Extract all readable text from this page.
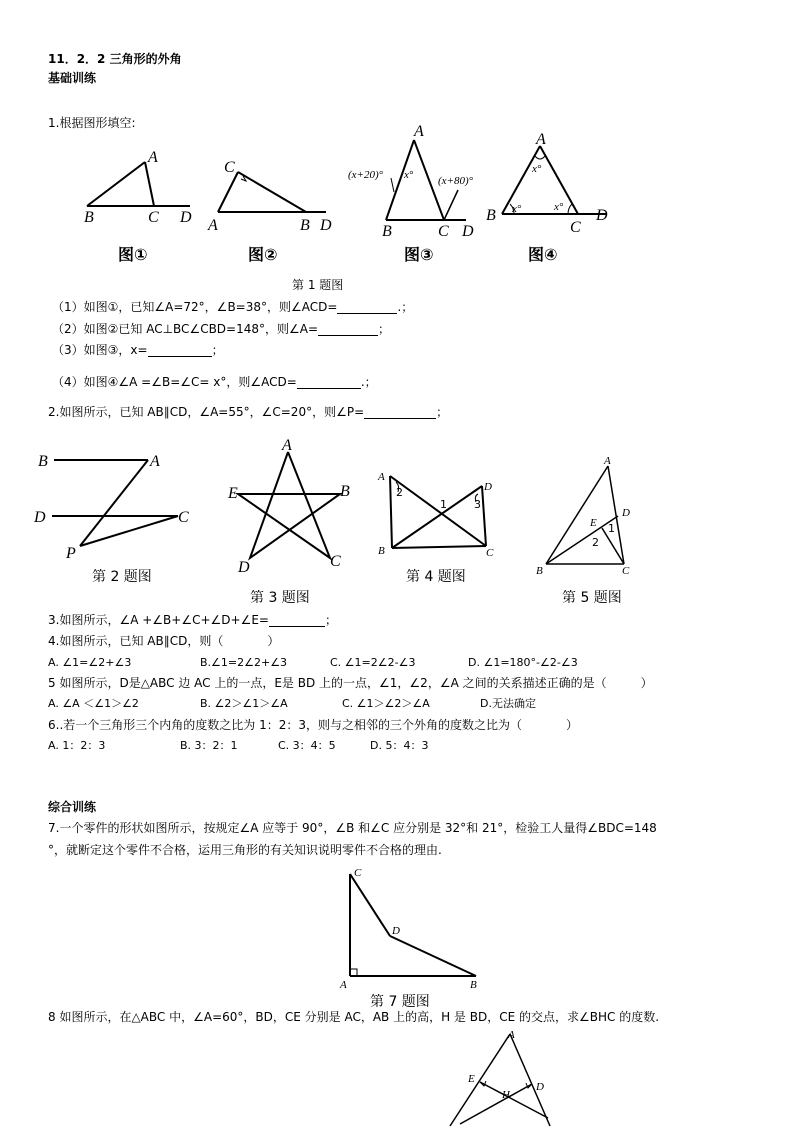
11．2．2 三角形的外角
基础训练
1.根据图形填空:
A
B	C D
C
A	B D
A
B	C D
(x+20)° x° (x+80)°
A
B
C
D
x°
x°	x°
图①	图②	图③	图④
第 1 题图
（1）如图①，已知∠A=72°，∠B=38°，则∠ACD=	.；
（2）如图②已知 AC⊥BC∠CBD=148°，则∠A=	；
（3）如图③，x=	；
（4）如图④∠A =∠B=∠C= x°，则∠ACD=	.；
2.如图所示，已知 AB∥CD，∠A=55°，∠C=20°，则∠P=	；
B	A
D	C
P
第 2 题图
A
B
C
D
E
第 3 题图
A
D
B	C
2
1 3
第 4 题图
A
B	C
D
E 1
2
第 5 题图
3.如图所示，∠A +∠B+∠C+∠D+∠E=	；
4.如图所示，已知 AB∥CD，则（	）
A. ∠1=∠2+∠3	B.∠1=2∠2+∠3	C. ∠1=2∠2-∠3	D. ∠1=180°-∠2-∠3
5 如图所示，D是△ABC 边 AC 上的一点，E是 BD 上的一点，∠1，∠2，∠A 之间的关系描述正确的是（	）
A. ∠A ＜∠1＞∠2	B. ∠2＞∠1＞∠A	C. ∠1＞∠2＞∠A	D.无法确定
6..若一个三角形三个内角的度数之比为 1：2：3，则与之相邻的三个外角的度数之比为（	）
A. 1：2：3	B. 3：2：1	C. 3：4：5	D. 5：4：3
综合训练
7.一个零件的形状如图所示，按规定∠A 应等于 90°，∠B 和∠C 应分别是 32°和 21°，检验工人量得∠BDC=148
°，就断定这个零件不合格，运用三角形的有关知识说明零件不合格的理由.
C
D
A	B
第 7 题图
8 如图所示，在△ABC 中，∠A=60°，BD，CE 分别是 AC，AB 上的高，H 是 BD，CE 的交点，求∠BHC 的度数.
A
E
D
H
